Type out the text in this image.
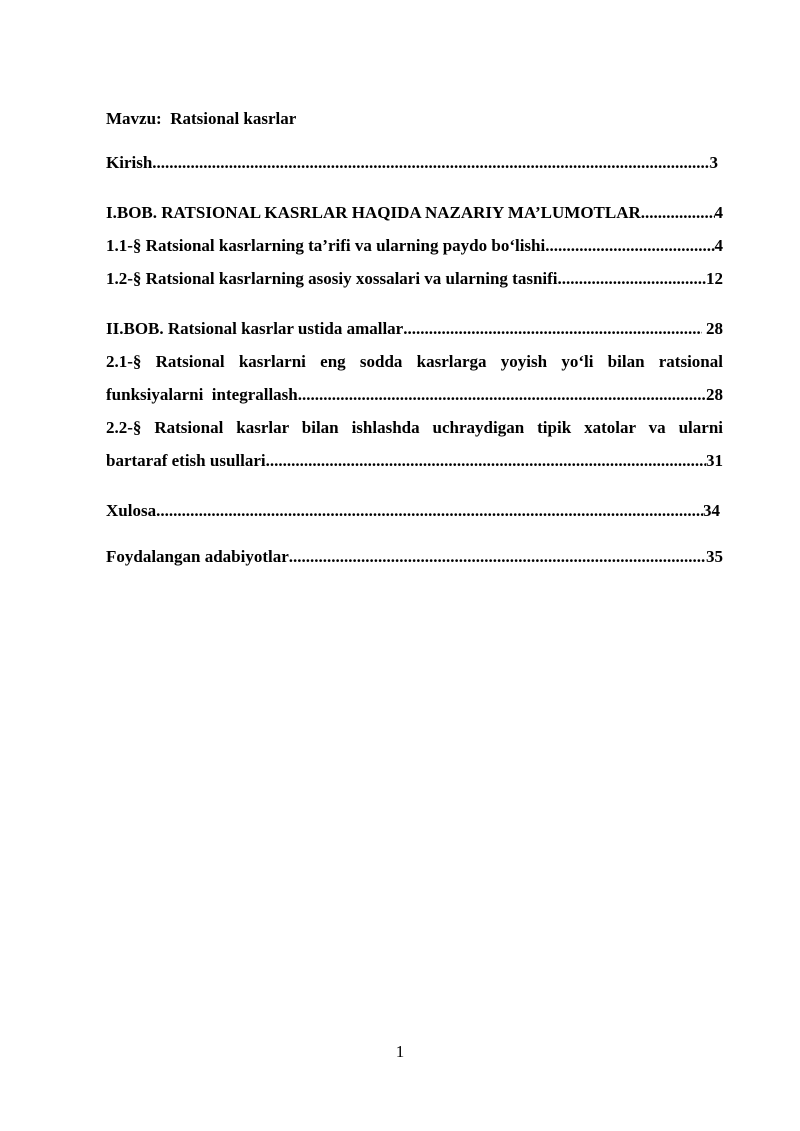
Mavzu:  Ratsional kasrlar
Kirish .....	3
I.BOB. RATSIONAL KASRLAR HAQIDA NAZARIY MA’LUMOTLAR .....	4
1.1-§ Ratsional kasrlarning ta’rifi va ularning paydo bo‘lishi .....	4
1.2-§ Ratsional kasrlarning asosiy xossalari va ularning tasnifi .....	12
II.BOB. Ratsional kasrlar ustida amallar .....	28
2.1-§ Ratsional kasrlarni eng sodda kasrlarga yoyish yo‘li bilan ratsional
funksiyalarni  integrallash .....	28
2.2-§ Ratsional kasrlar bilan ishlashda uchraydigan tipik xatolar va ularni
bartaraf etish usullari .....	31
Xulosa .....	34
Foydalangan adabiyotlar .....	35
1
